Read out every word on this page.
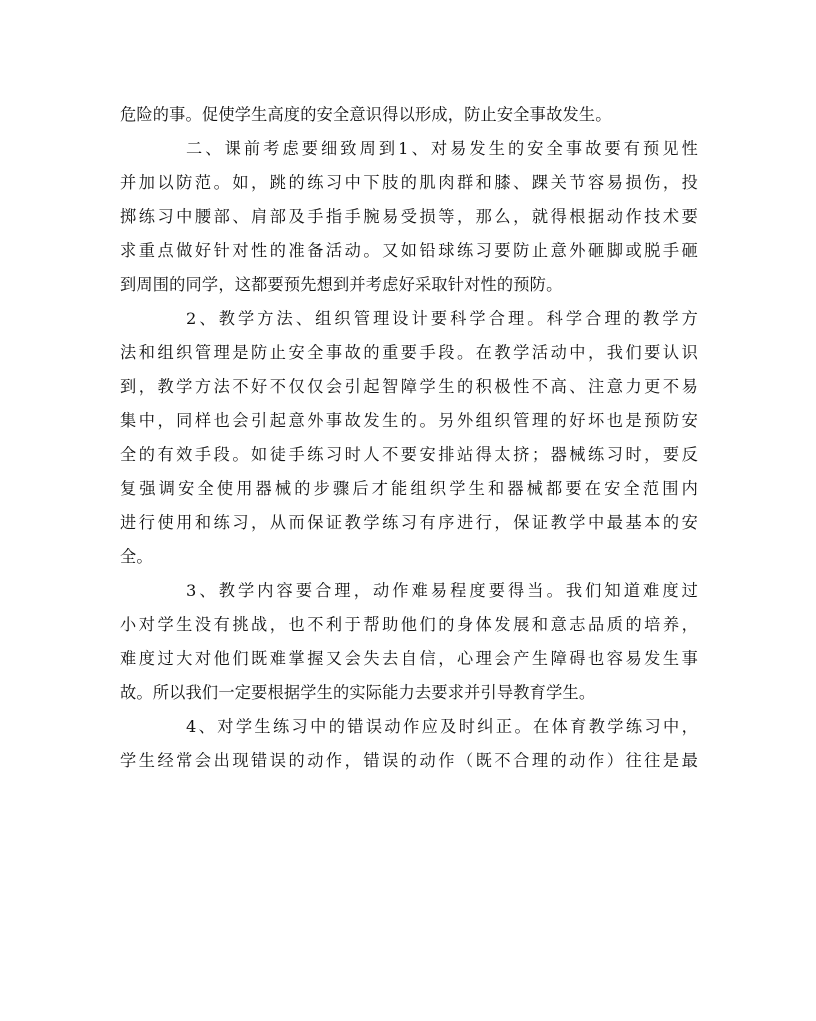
危险的事。促使学生高度的安全意识得以形成，防止安全事故发生。
二、课前考虑要细致周到1、对易发生的安全事故要有预见性
并加以防范。如，跳的练习中下肢的肌肉群和膝、踝关节容易损伤，投
掷练习中腰部、肩部及手指手腕易受损等，那么，就得根据动作技术要
求重点做好针对性的准备活动。又如铅球练习要防止意外砸脚或脱手砸
到周围的同学，这都要预先想到并考虑好采取针对性的预防。
2、教学方法、组织管理设计要科学合理。科学合理的教学方
法和组织管理是防止安全事故的重要手段。在教学活动中，我们要认识
到，教学方法不好不仅仅会引起智障学生的积极性不高、注意力更不易
集中，同样也会引起意外事故发生的。另外组织管理的好坏也是预防安
全的有效手段。如徒手练习时人不要安排站得太挤；器械练习时，要反
复强调安全使用器械的步骤后才能组织学生和器械都要在安全范围内
进行使用和练习，从而保证教学练习有序进行，保证教学中最基本的安
全。
3、教学内容要合理，动作难易程度要得当。我们知道难度过
小对学生没有挑战，也不利于帮助他们的身体发展和意志品质的培养，
难度过大对他们既难掌握又会失去自信，心理会产生障碍也容易发生事
故。所以我们一定要根据学生的实际能力去要求并引导教育学生。
4、对学生练习中的错误动作应及时纠正。在体育教学练习中，
学生经常会出现错误的动作，错误的动作（既不合理的动作）往往是最
